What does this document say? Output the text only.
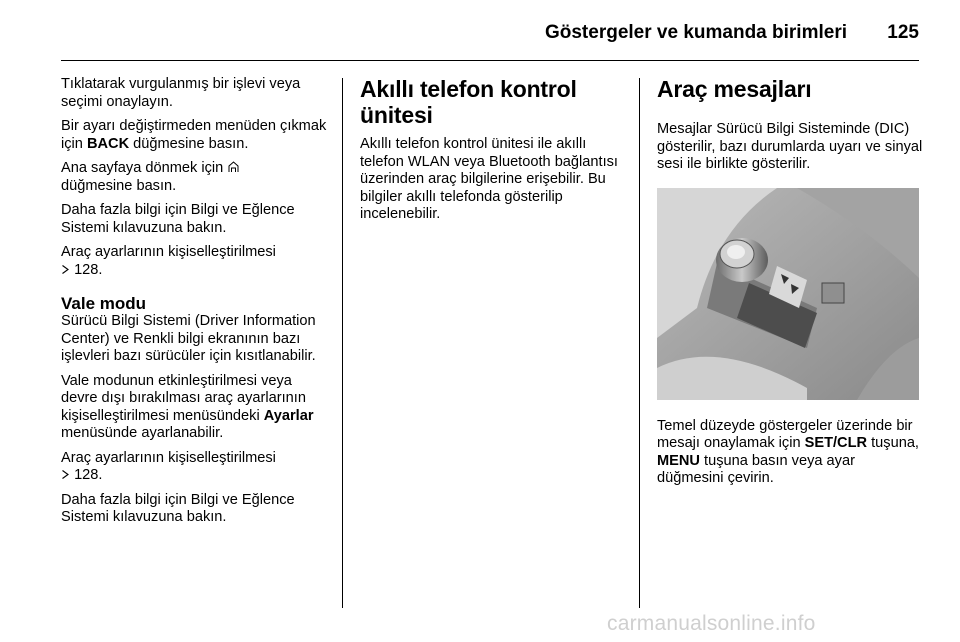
Göstergeler ve kumanda birimleri 125

Tıklatarak vurgulanmış bir işlevi veya seçimi onaylayın.

Bir ayarı değiştirmeden menüden çıkmak için BACK düğmesine basın.

Ana sayfaya dönmek için
düğmesine basın.

Daha fazla bilgi için Bilgi ve Eğlence Sistemi kılavuzuna bakın.

Araç ayarlarının kişiselleştirilmesi
128.

Vale modu

Sürücü Bilgi Sistemi (Driver Information Center) ve Renkli bilgi ekranının bazı işlevleri bazı sürücüler için kısıtlanabilir.

Vale modunun etkinleştirilmesi veya devre dışı bırakılması araç ayarlarının kişiselleştirilmesi menüsündeki Ayarlar menüsünde ayarlanabilir.

Araç ayarlarının kişiselleştirilmesi
128.

Daha fazla bilgi için Bilgi ve Eğlence Sistemi kılavuzuna bakın.

Akıllı telefon kontrol ünitesi

Akıllı telefon kontrol ünitesi ile akıllı telefon WLAN veya Bluetooth bağlantısı üzerinden araç bilgilerine erişebilir. Bu bilgiler akıllı telefonda gösterilip incelenebilir.

Araç mesajları

Mesajlar Sürücü Bilgi Sisteminde (DIC) gösterilir, bazı durumlarda uyarı ve sinyal sesi ile birlikte gösterilir.

Temel düzeyde göstergeler üzerinde bir mesajı onaylamak için SET/CLR tuşuna, MENU tuşuna basın veya ayar düğmesini çevirin.

carmanualsonline.info
